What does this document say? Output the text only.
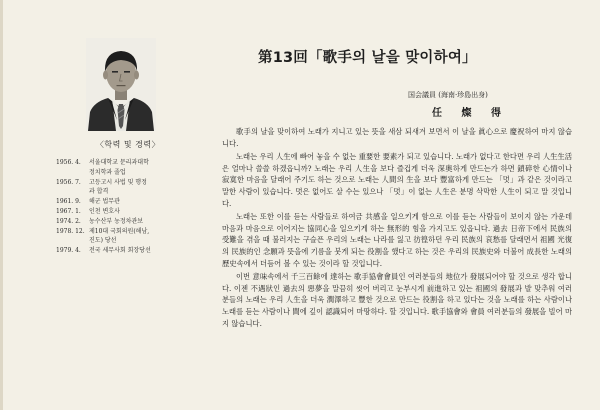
〈학력 및 경력〉
1956. 4.	서울대학교 문리과대학
정치학과 졸업
1956. 7.	고등고시 사법 및 행정
과 합격
1961. 9.	해군 법무관
1967. 1.	인천 변호사
1974. 2.	농수산부 농정차관보
1978. 12. 제10대 국회의원(해남,
진도) 당선
1979. 4.	전국 세무사회 회장당선
第13回「歌手의 날을 맞이하여」
国会議員 (海南·珍島出身)
任 燦 得

歌手의 날을 맞이하여 노래가 지니고 있는 뜻을 새삼 되새겨 보면서 이 날을 眞心으로 慶祝하여 마지 않습니다.

노래는 우리 人生에 빠어 놓을 수 없는 重要한 要素가 되고 있습니다. 노래가 없다고 한다면 우리 人生生活은 얼마나 쓸쓸 하겠읍니까? 노래는 우리 人生을 보다 즐겁게 더욱 深奧하게 만드는가 하면 鎖碎한 心情이나 寂寞한 마음을 달래어 주기도 하는 것으로 노래는 人間의 生을 보다 豐富하게 만드는 「멋」과 같은 것이라고 말한 사람이 있습니다. 멋은 없어도 살 수는 있으나 「멋」이 없는 人生은 분명 삭막한 人生이 되고 말 것입니다.

노래는 또한 이를 듣는 사람들로 하여금 共感을 일으키게 함으로 이를 듣는 사람들이 보이지 않는 가운데 마음과 마음으로 이어지는 協同心을 일으키게 하는 無形的 힘을 가지고도 있읍니다. 過去 日帝下에서 民族의 受難을 겪을 때 불러지는 구슬픈 우리의 노래는 나라를 잃고 彷徨하던 우리 民族의 哀愁를 달래면서 祖國 光復의 民族的인 念願과 뜻을에 기름을 붓게 되는 役割을 했다고 하는 것은 우리의 民族史와 더불어 成長한 노래의 歷史속에서 더듬어 볼 수 있는 것이라 할 것입니다.

이번 意味속에서 千三百餘에 達하는 歌手協會會員인 여러분들의 地位가 發展되어야 할 것으로 생각 합니다. 이젠 不遇狀인 過去의 惡夢을 말끔히 씻어 버리고 눈부시게 前進하고 있는 祖國의 發展과 발 맞추워 여러분들의 노래는 우리 人生을 더욱 潤澤하고 豐한 것으로 만드는 役割을 하고 있다는 것을 노래를 하는 사람이나 노래를 듣는 사람이나 間에 깊이 認識되어 마땅하다. 할 것입니다. 歌手協會와 會員 여러분들의 發展을 빌어 마지 않습니다.
